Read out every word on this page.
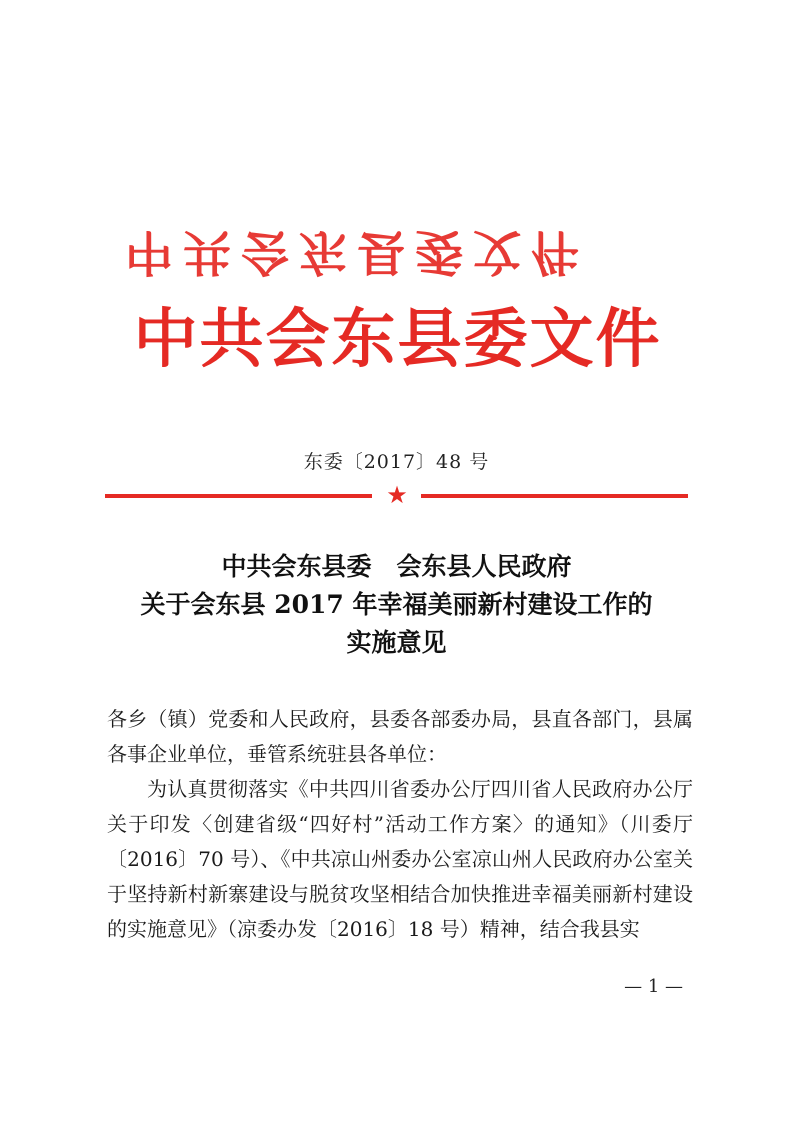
中共会东县委文件
中共会东县委文件
东委〔2017〕48 号
★
中共会东县委　会东县人民政府
关于会东县 2017 年幸福美丽新村建设工作的
实施意见

各乡（镇）党委和人民政府，县委各部委办局，县直各部门，县属各事企业单位，垂管系统驻县各单位：

为认真贯彻落实《中共四川省委办公厅四川省人民政府办公厅关于印发〈创建省级“四好村”活动工作方案〉的通知》（川委厅〔2016〕70 号）、《中共凉山州委办公室凉山州人民政府办公室关于坚持新村新寨建设与脱贫攻坚相结合加快推进幸福美丽新村建设的实施意见》（凉委办发〔2016〕18 号）精神，结合我县实

— 1 —
